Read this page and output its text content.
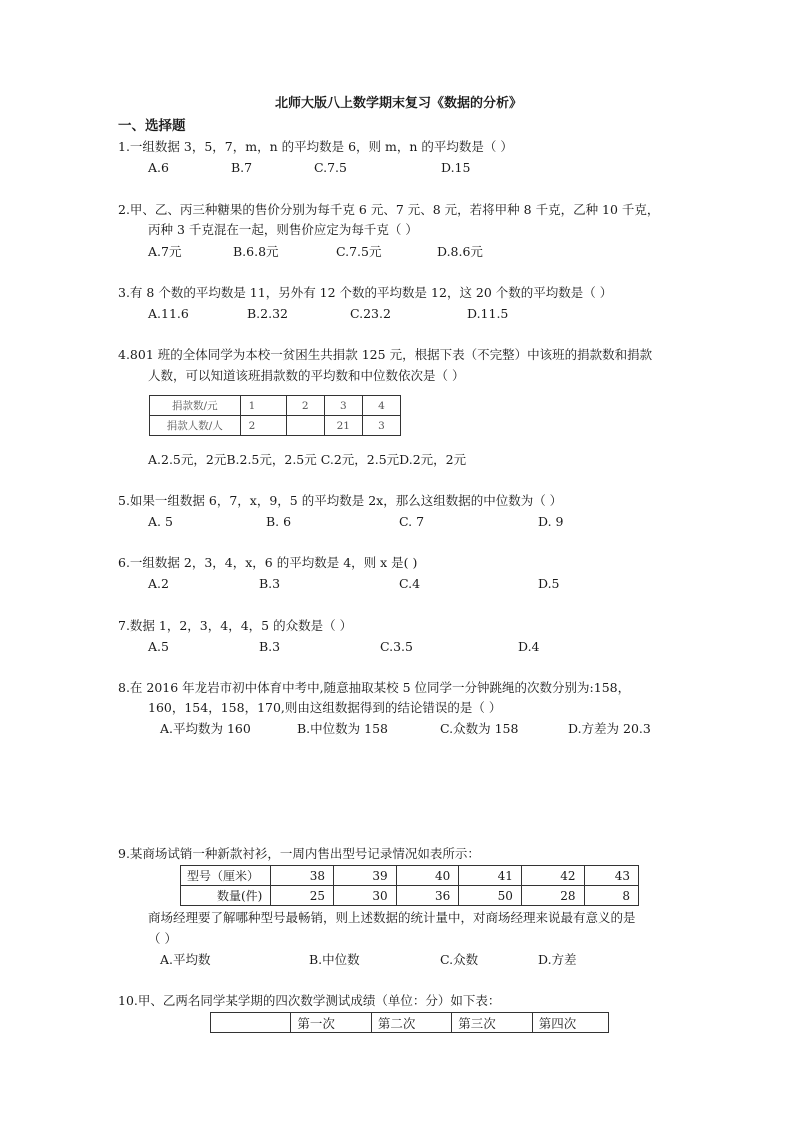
北师大版八上数学期末复习《数据的分析》
一、选择题
1.一组数据 3，5，7，m，n 的平均数是 6，则 m，n 的平均数是（ ）
A.6	B.7	C.7.5	D.15
2.甲、乙、丙三种糖果的售价分别为每千克 6 元、7 元、8 元，若将甲种 8 千克，乙种 10 千克，
丙种 3 千克混在一起，则售价应定为每千克（ ）
A.7元	B.6.8元	C.7.5元	D.8.6元
3.有 8 个数的平均数是 11，另外有 12 个数的平均数是 12，这 20 个数的平均数是（ ）
A.11.6	B.2.32	C.23.2	D.11.5
4.801 班的全体同学为本校一贫困生共捐款 125 元，根据下表（不完整）中该班的捐款数和捐款
人数，可以知道该班捐款数的平均数和中位数依次是（ ）
捐款数/元	1	2	3	4
捐款人数/人	2		21	3
A.2.5元，2元B.2.5元，2.5元 C.2元，2.5元D.2元，2元
5.如果一组数据 6，7，x，9，5 的平均数是 2x，那么这组数据的中位数为（ ）
A. 5	B. 6	C. 7	D. 9
6.一组数据 2，3，4，x，6 的平均数是 4，则 x 是( )
A.2	B.3	C.4	D.5
7.数据 1，2，3，4，4，5 的众数是（ ）
A.5	B.3	C.3.5	D.4
8.在 2016 年龙岩市初中体育中考中,随意抽取某校 5 位同学一分钟跳绳的次数分别为:158，
160，154，158，170,则由这组数据得到的结论错误的是（ ）
A.平均数为 160	B.中位数为 158	C.众数为 158	D.方差为 20.3
9.某商场试销一种新款衬衫，一周内售出型号记录情况如表所示：
型号（厘米）	38	39	40	41	42	43
数量(件)	25	30	36	50	28	8
商场经理要了解哪种型号最畅销，则上述数据的统计量中，对商场经理来说最有意义的是
（ ）
A.平均数	B.中位数	C.众数	D.方差
10.甲、乙两名同学某学期的四次数学测试成绩（单位：分）如下表：
	第一次	第二次	第三次	第四次
